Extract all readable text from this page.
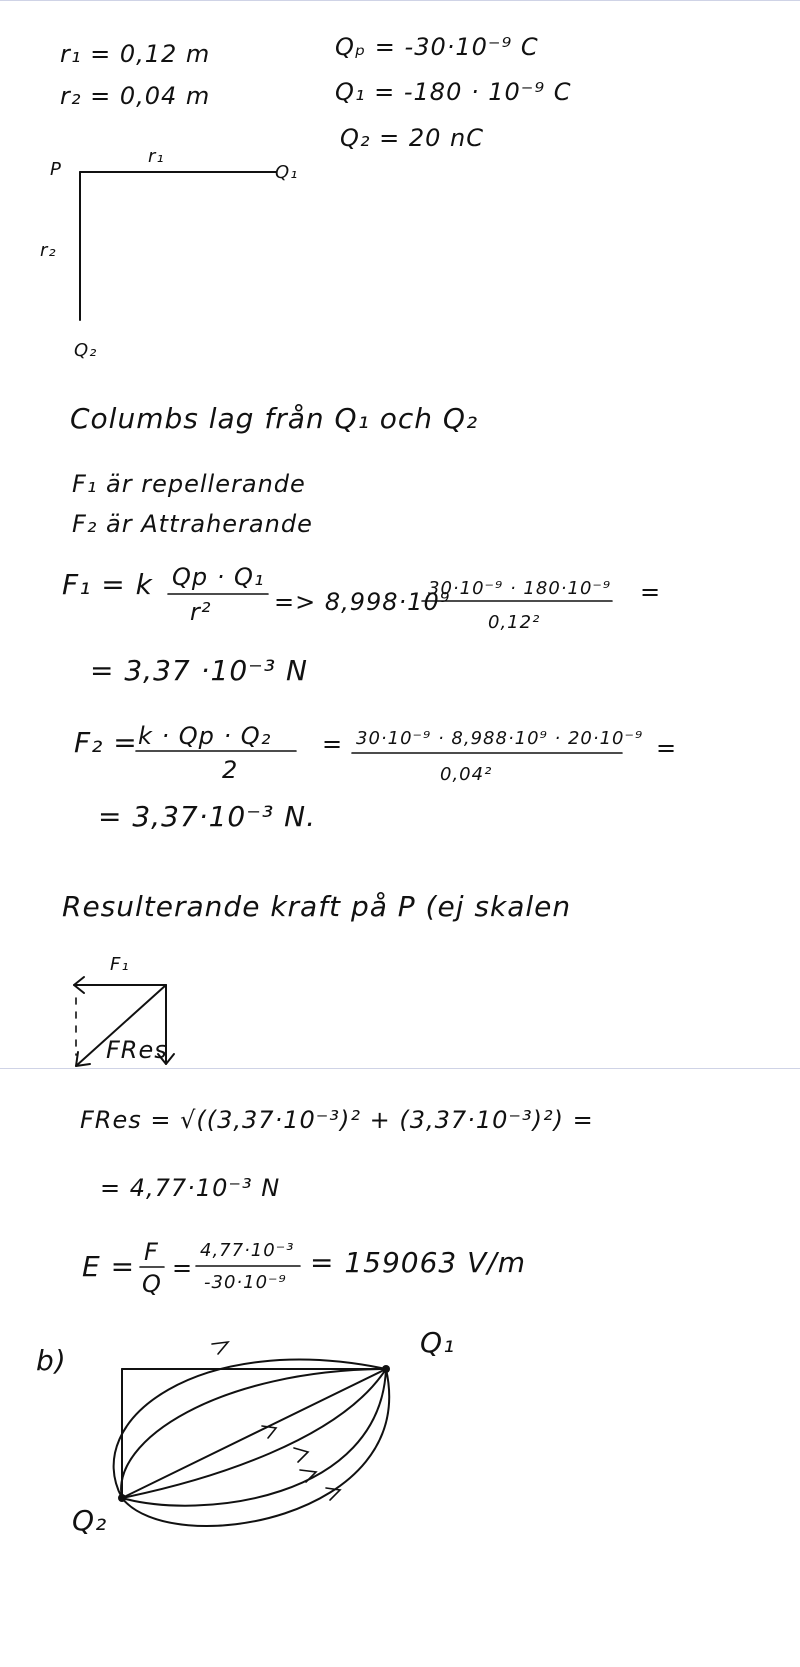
r₁ = 0,12 m
r₂ = 0,04 m
Qₚ = -30·10⁻⁹ C
Q₁ = -180 · 10⁻⁹ C
Q₂ = 20 nC
P
r₁
Q₁
r₂
Q₂
Columbs lag från Q₁ och Q₂
F₁ är repellerande
F₂ är Attraherande
F₁ = k Qp · Q₁
r²	=> 8,998·10⁹
30·10⁻⁹ · 180·10⁻⁹
0,12²
=
= 3,37 ·10⁻³ N
F₂ = k · Qp · Q₂
2
= 30·10⁻⁹ · 8,988·10⁹ · 20·10⁻⁹
0,04²
=
= 3,37·10⁻³ N.
Resulterande kraft på P (ej skalen
F₁
FRes
FRes = √((3,37·10⁻³)² + (3,37·10⁻³)²) =
= 4,77·10⁻³ N
E = F
Q
=
4,77·10⁻³
-30·10⁻⁹
= 159063 V/m
b)
Q₁
Q₂
